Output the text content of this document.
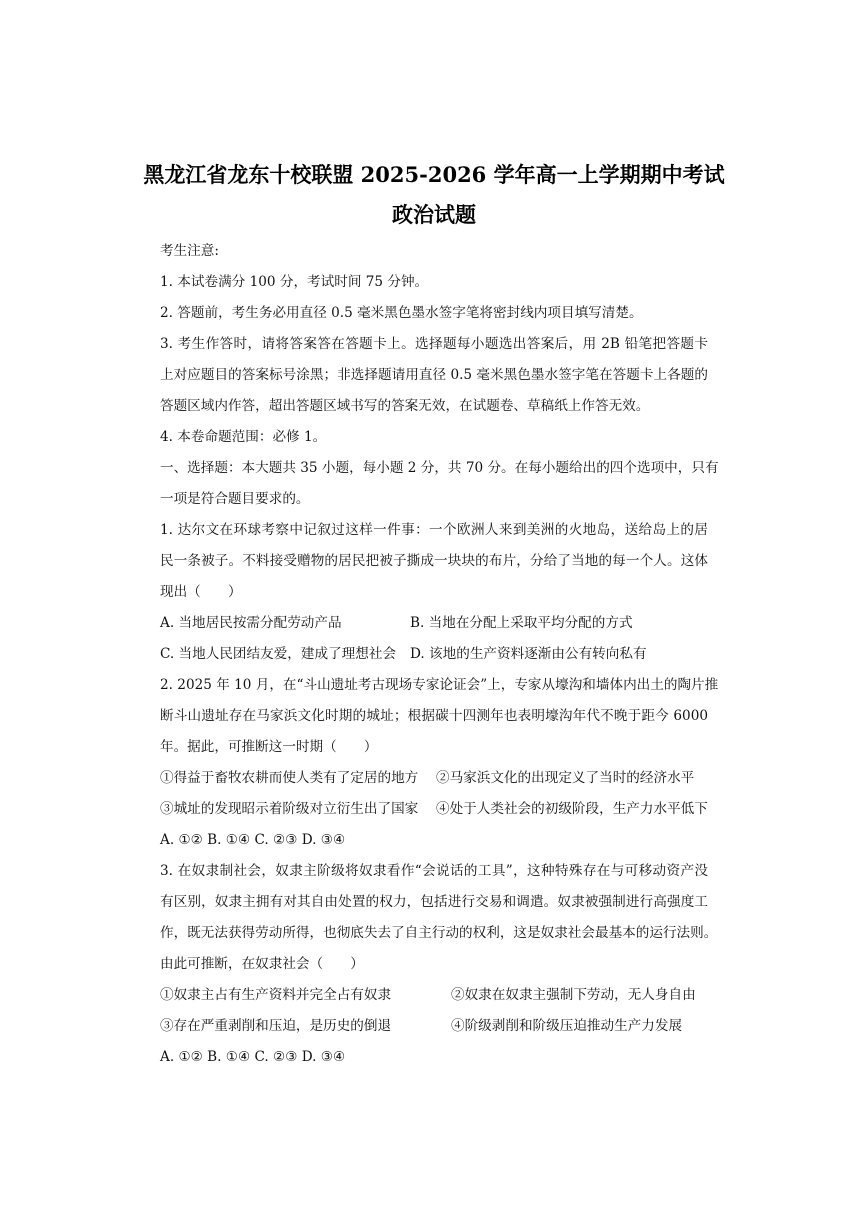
黑龙江省龙东十校联盟 2025-2026 学年高一上学期期中考试
政治试题
考生注意:
1. 本试卷满分 100 分，考试时间 75 分钟。
2. 答题前，考生务必用直径 0.5 毫米黑色墨水签字笔将密封线内项目填写清楚。
3. 考生作答时，请将答案答在答题卡上。选择题每小题选出答案后，用 2B 铅笔把答题卡
上对应题目的答案标号涂黑；非选择题请用直径 0.5 毫米黑色墨水签字笔在答题卡上各题的
答题区域内作答，超出答题区域书写的答案无效，在试题卷、草稿纸上作答无效。
4. 本卷命题范围：必修 1。
一、选择题：本大题共 35 小题，每小题 2 分，共 70 分。在每小题给出的四个选项中，只有
一项是符合题目要求的。
1. 达尔文在环球考察中记叙过这样一件事：一个欧洲人来到美洲的火地岛，送给岛上的居
民一条被子。不料接受赠物的居民把被子撕成一块块的布片，分给了当地的每一个人。这体
现出（　　）
A. 当地居民按需分配劳动产品	B. 当地在分配上采取平均分配的方式
C. 当地人民团结友爱，建成了理想社会 D. 该地的生产资料逐渐由公有转向私有
2. 2025 年 10 月，在“斗山遗址考古现场专家论证会”上，专家从壕沟和墙体内出土的陶片推
断斗山遗址存在马家浜文化时期的城址；根据碳十四测年也表明壕沟年代不晚于距今 6000
年。据此，可推断这一时期（　　）
①得益于畜牧农耕而使人类有了定居的地方 ②马家浜文化的出现定义了当时的经济水平
③城址的发现昭示着阶级对立衍生出了国家 ④处于人类社会的初级阶段，生产力水平低下
A. ①② B. ①④ C. ②③ D. ③④
3. 在奴隶制社会，奴隶主阶级将奴隶看作“会说话的工具”，这种特殊存在与可移动资产没
有区别，奴隶主拥有对其自由处置的权力，包括进行交易和调遣。奴隶被强制进行高强度工
作，既无法获得劳动所得，也彻底失去了自主行动的权利，这是奴隶社会最基本的运行法则。
由此可推断，在奴隶社会（　　）
①奴隶主占有生产资料并完全占有奴隶	②奴隶在奴隶主强制下劳动，无人身自由
③存在严重剥削和压迫，是历史的倒退	④阶级剥削和阶级压迫推动生产力发展
A. ①② B. ①④ C. ②③ D. ③④
